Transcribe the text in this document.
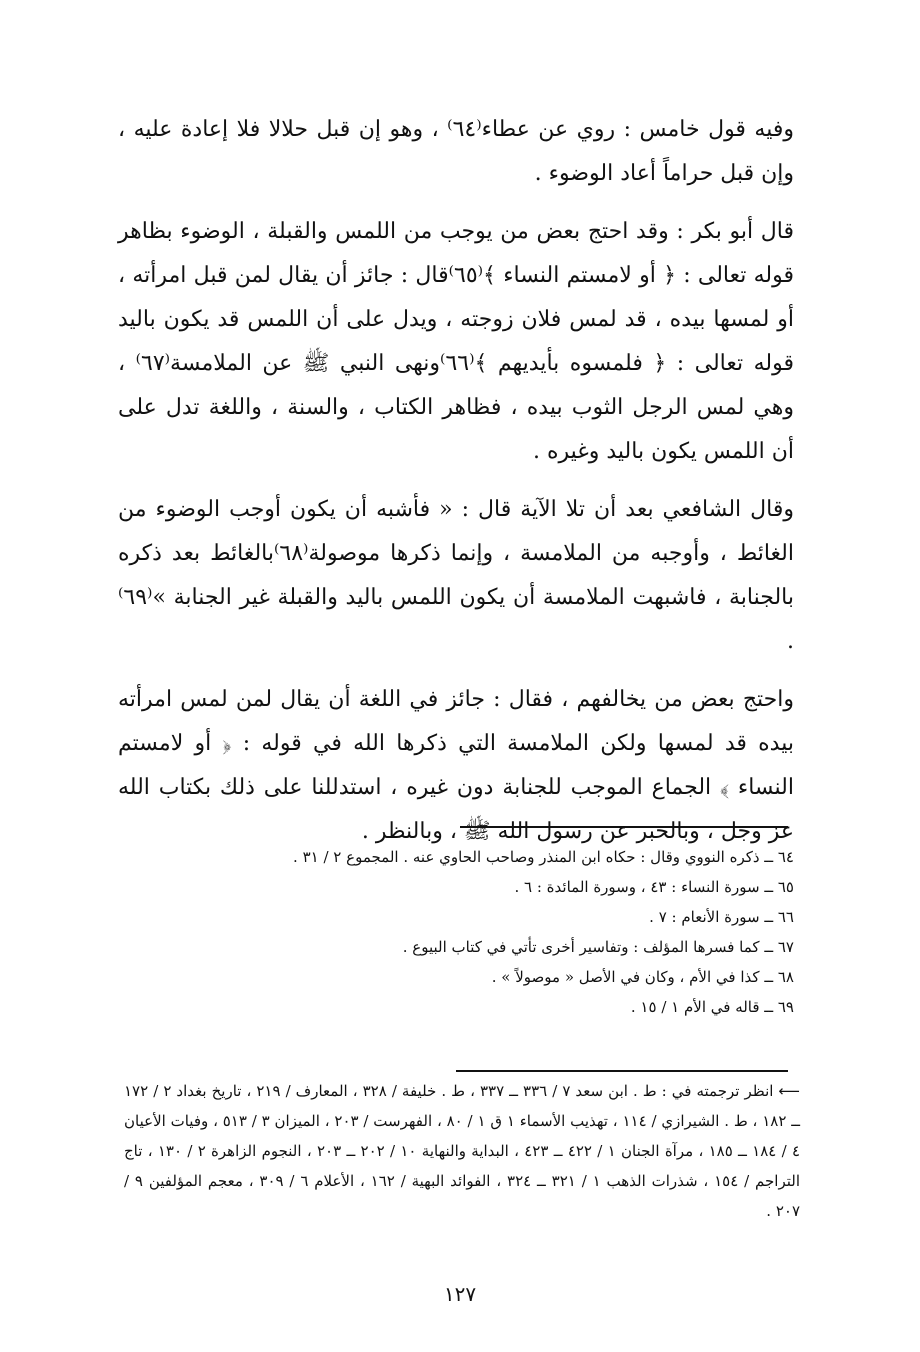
وفيه قول خامس : روي عن عطاء⁽٦٤⁾ ، وهو إن قبل حلالا فلا إعادة عليه ، وإن قبل حراماً أعاد الوضوء .

قال أبو بكر : وقد احتج بعض من يوجب من اللمس والقبلة ، الوضوء بظاهر قوله تعالى : ﴿ أو لامستم النساء ﴾⁽٦٥⁾قال : جائز أن يقال لمن قبل امرأته ، أو لمسها بيده ، قد لمس فلان زوجته ، ويدل على أن اللمس قد يكون باليد قوله تعالى : ﴿ فلمسوه بأيديهم ﴾⁽٦٦⁾ونهى النبي ﷺ عن الملامسة⁽٦٧⁾ ، وهي لمس الرجل الثوب بيده ، فظاهر الكتاب ، والسنة ، واللغة تدل على أن اللمس يكون باليد وغيره .

وقال الشافعي بعد أن تلا الآية قال : « فأشبه أن يكون أوجب الوضوء من الغائط ، وأوجبه من الملامسة ، وإنما ذكرها موصولة⁽٦٨⁾بالغائط بعد ذكره بالجنابة ، فاشبهت الملامسة أن يكون اللمس باليد والقبلة غير الجنابة »⁽٦٩⁾ .

واحتج بعض من يخالفهم ، فقال : جائز في اللغة أن يقال لمن لمس امرأته بيده قد لمسها ولكن الملامسة التي ذكرها الله في قوله : ﴿ أو لامستم النساء ﴾ الجماع الموجب للجنابة دون غيره ، استدللنا على ذلك بكتاب الله عز وجل ، وبالخبر عن رسول الله ﷺ ، وبالنظر .

٦٤ ــ ذكره النووي وقال : حكاه ابن المنذر وصاحب الحاوي عنه . المجموع ٢ / ٣١ .
٦٥ ــ سورة النساء : ٤٣ ، وسورة المائدة : ٦ .
٦٦ ــ سورة الأنعام : ٧ .
٦٧ ــ كما فسرها المؤلف : وتفاسير أخرى تأتي في كتاب البيوع .
٦٨ ــ كذا في الأم ، وكان في الأصل « موصولاً » .
٦٩ ــ قاله في الأم ١ / ١٥ .
⟵ انظر ترجمته في : ط . ابن سعد ٧ / ٣٣٦ ــ ٣٣٧ ، ط . خليفة / ٣٢٨ ، المعارف / ٢١٩ ، تاريخ بغداد ٢ / ١٧٢ ــ ١٨٢ ، ط . الشيرازي / ١١٤ ، تهذيب الأسماء ١ ق ١ / ٨٠ ، الفهرست / ٢٠٣ ، الميزان ٣ / ٥١٣ ، وفيات الأعيان ٤ / ١٨٤ ــ ١٨٥ ، مرآة الجنان ١ / ٤٢٢ ــ ٤٢٣ ، البداية والنهاية ١٠ / ٢٠٢ ــ ٢٠٣ ، النجوم الزاهرة ٢ / ١٣٠ ، تاج التراجم / ١٥٤ ، شذرات الذهب ١ / ٣٢١ ــ ٣٢٤ ، الفوائد البهية / ١٦٢ ، الأعلام ٦ / ٣٠٩ ، معجم المؤلفين ٩ / ٢٠٧ .
١٢٧
